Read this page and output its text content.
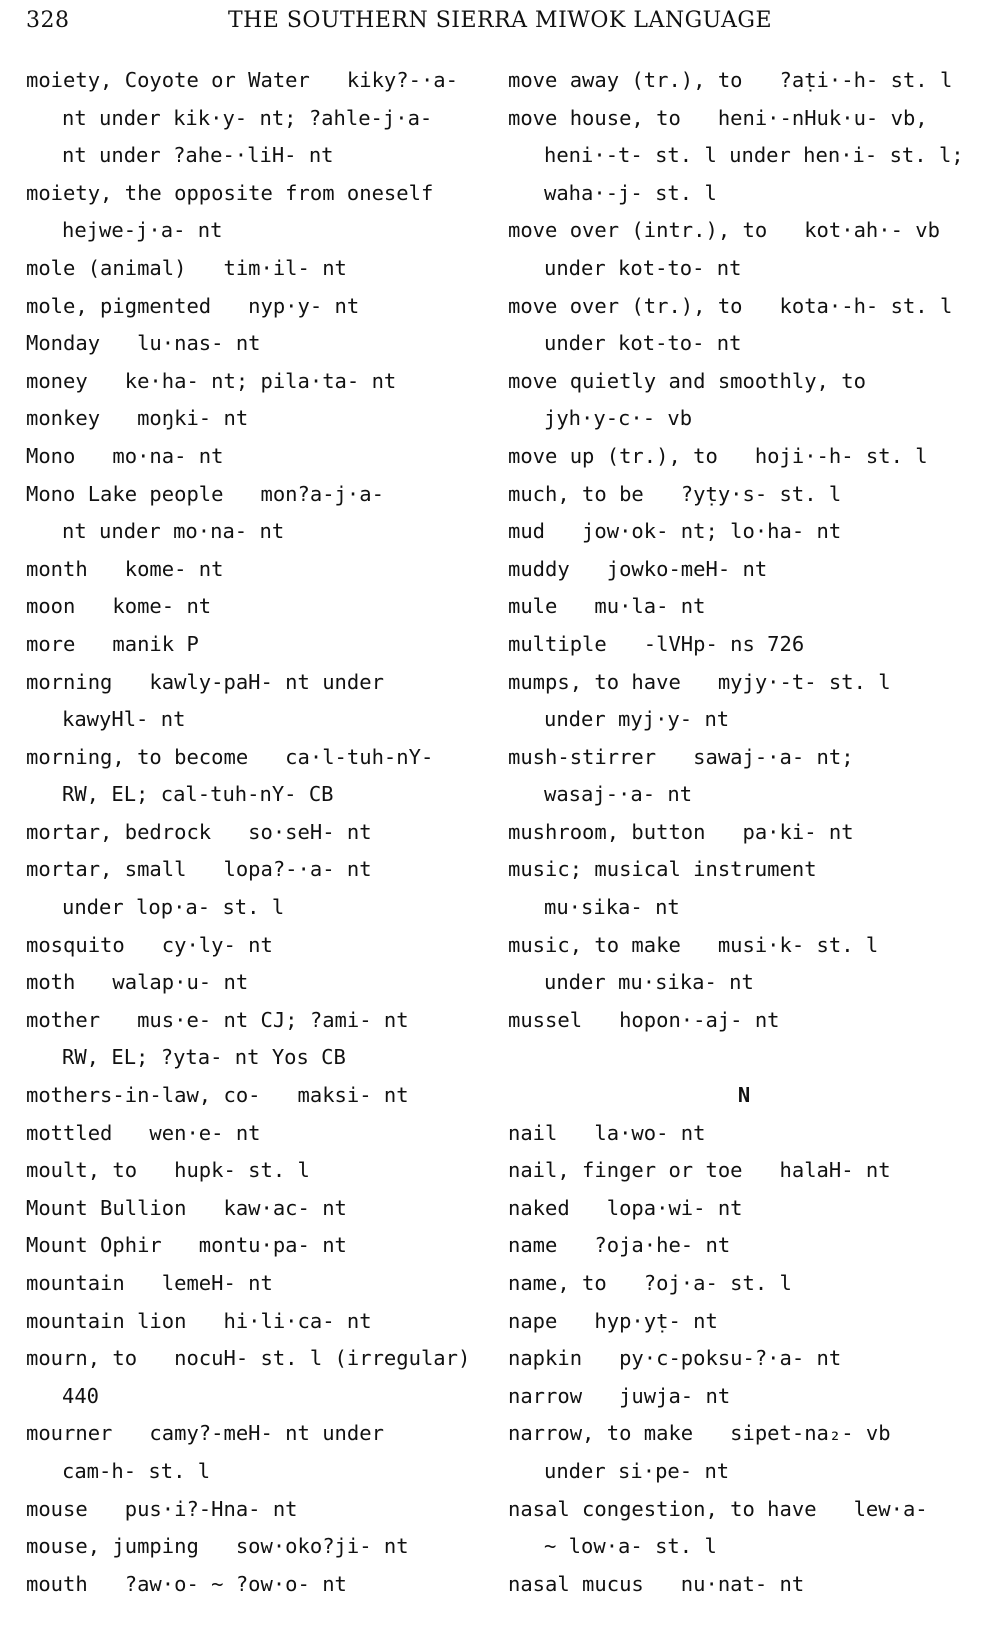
328	THE SOUTHERN SIERRA MIWOK LANGUAGE
moiety, Coyote or Water   kiky?-·a-
nt under kik·y- nt; ?ahle-j·a-
nt under ?ahe-·liH- nt
moiety, the opposite from oneself
hejwe-j·a- nt
mole (animal)   tim·il- nt
mole, pigmented   nyp·y- nt
Monday   lu·nas- nt
money   ke·ha- nt; pila·ta- nt
monkey   moŋki- nt
Mono   mo·na- nt
Mono Lake people   mon?a-j·a-
nt under mo·na- nt
month   kome- nt
moon   kome- nt
more   manik P
morning   kawly-paH- nt under
kawyHl- nt
morning, to become   ca·l-tuh-nY-
RW, EL; cal-tuh-nY- CB
mortar, bedrock   so·seH- nt
mortar, small   lopa?-·a- nt
under lop·a- st. l
mosquito   cy·ly- nt
moth   walap·u- nt
mother   mus·e- nt CJ; ?ami- nt
RW, EL; ?yta- nt Yos CB
mothers-in-law, co-   maksi- nt
mottled   wen·e- nt
moult, to   hupk- st. l
Mount Bullion   kaw·ac- nt
Mount Ophir   montu·pa- nt
mountain   lemeH- nt
mountain lion   hi·li·ca- nt
mourn, to   nocuH- st. l (irregular)
440
mourner   camy?-meH- nt under
cam-h- st. l
mouse   pus·i?-Hna- nt
mouse, jumping   sow·oko?ji- nt
mouth   ?aw·o- ~ ?ow·o- nt
move away (tr.), to   ?aṭi·-h- st. l
move house, to   heni·-nHuk·u- vb,
heni·-t- st. l under hen·i- st. l;
waha·-j- st. l
move over (intr.), to   kot·ah·- vb
under kot-to- nt
move over (tr.), to   kota·-h- st. l
under kot-to- nt
move quietly and smoothly, to
jyh·y-c·- vb
move up (tr.), to   hoji·-h- st. l
much, to be   ?yṭy·s- st. l
mud   jow·ok- nt; lo·ha- nt
muddy   jowko-meH- nt
mule   mu·la- nt
multiple   -lVHp- ns 726
mumps, to have   myjy·-t- st. l
under myj·y- nt
mush-stirrer   sawaj-·a- nt;
wasaj-·a- nt
mushroom, button   pa·ki- nt
music; musical instrument
mu·sika- nt
music, to make   musi·k- st. l
under mu·sika- nt
mussel   hopon·-aj- nt
N
nail   la·wo- nt
nail, finger or toe   halaH- nt
naked   lopa·wi- nt
name   ?oja·he- nt
name, to   ?oj·a- st. l
nape   hyp·yṭ- nt
napkin   py·c-poksu-?·a- nt
narrow   juwja- nt
narrow, to make   sipet-na₂- vb
under si·pe- nt
nasal congestion, to have   lew·a-
~ low·a- st. l
nasal mucus   nu·nat- nt
